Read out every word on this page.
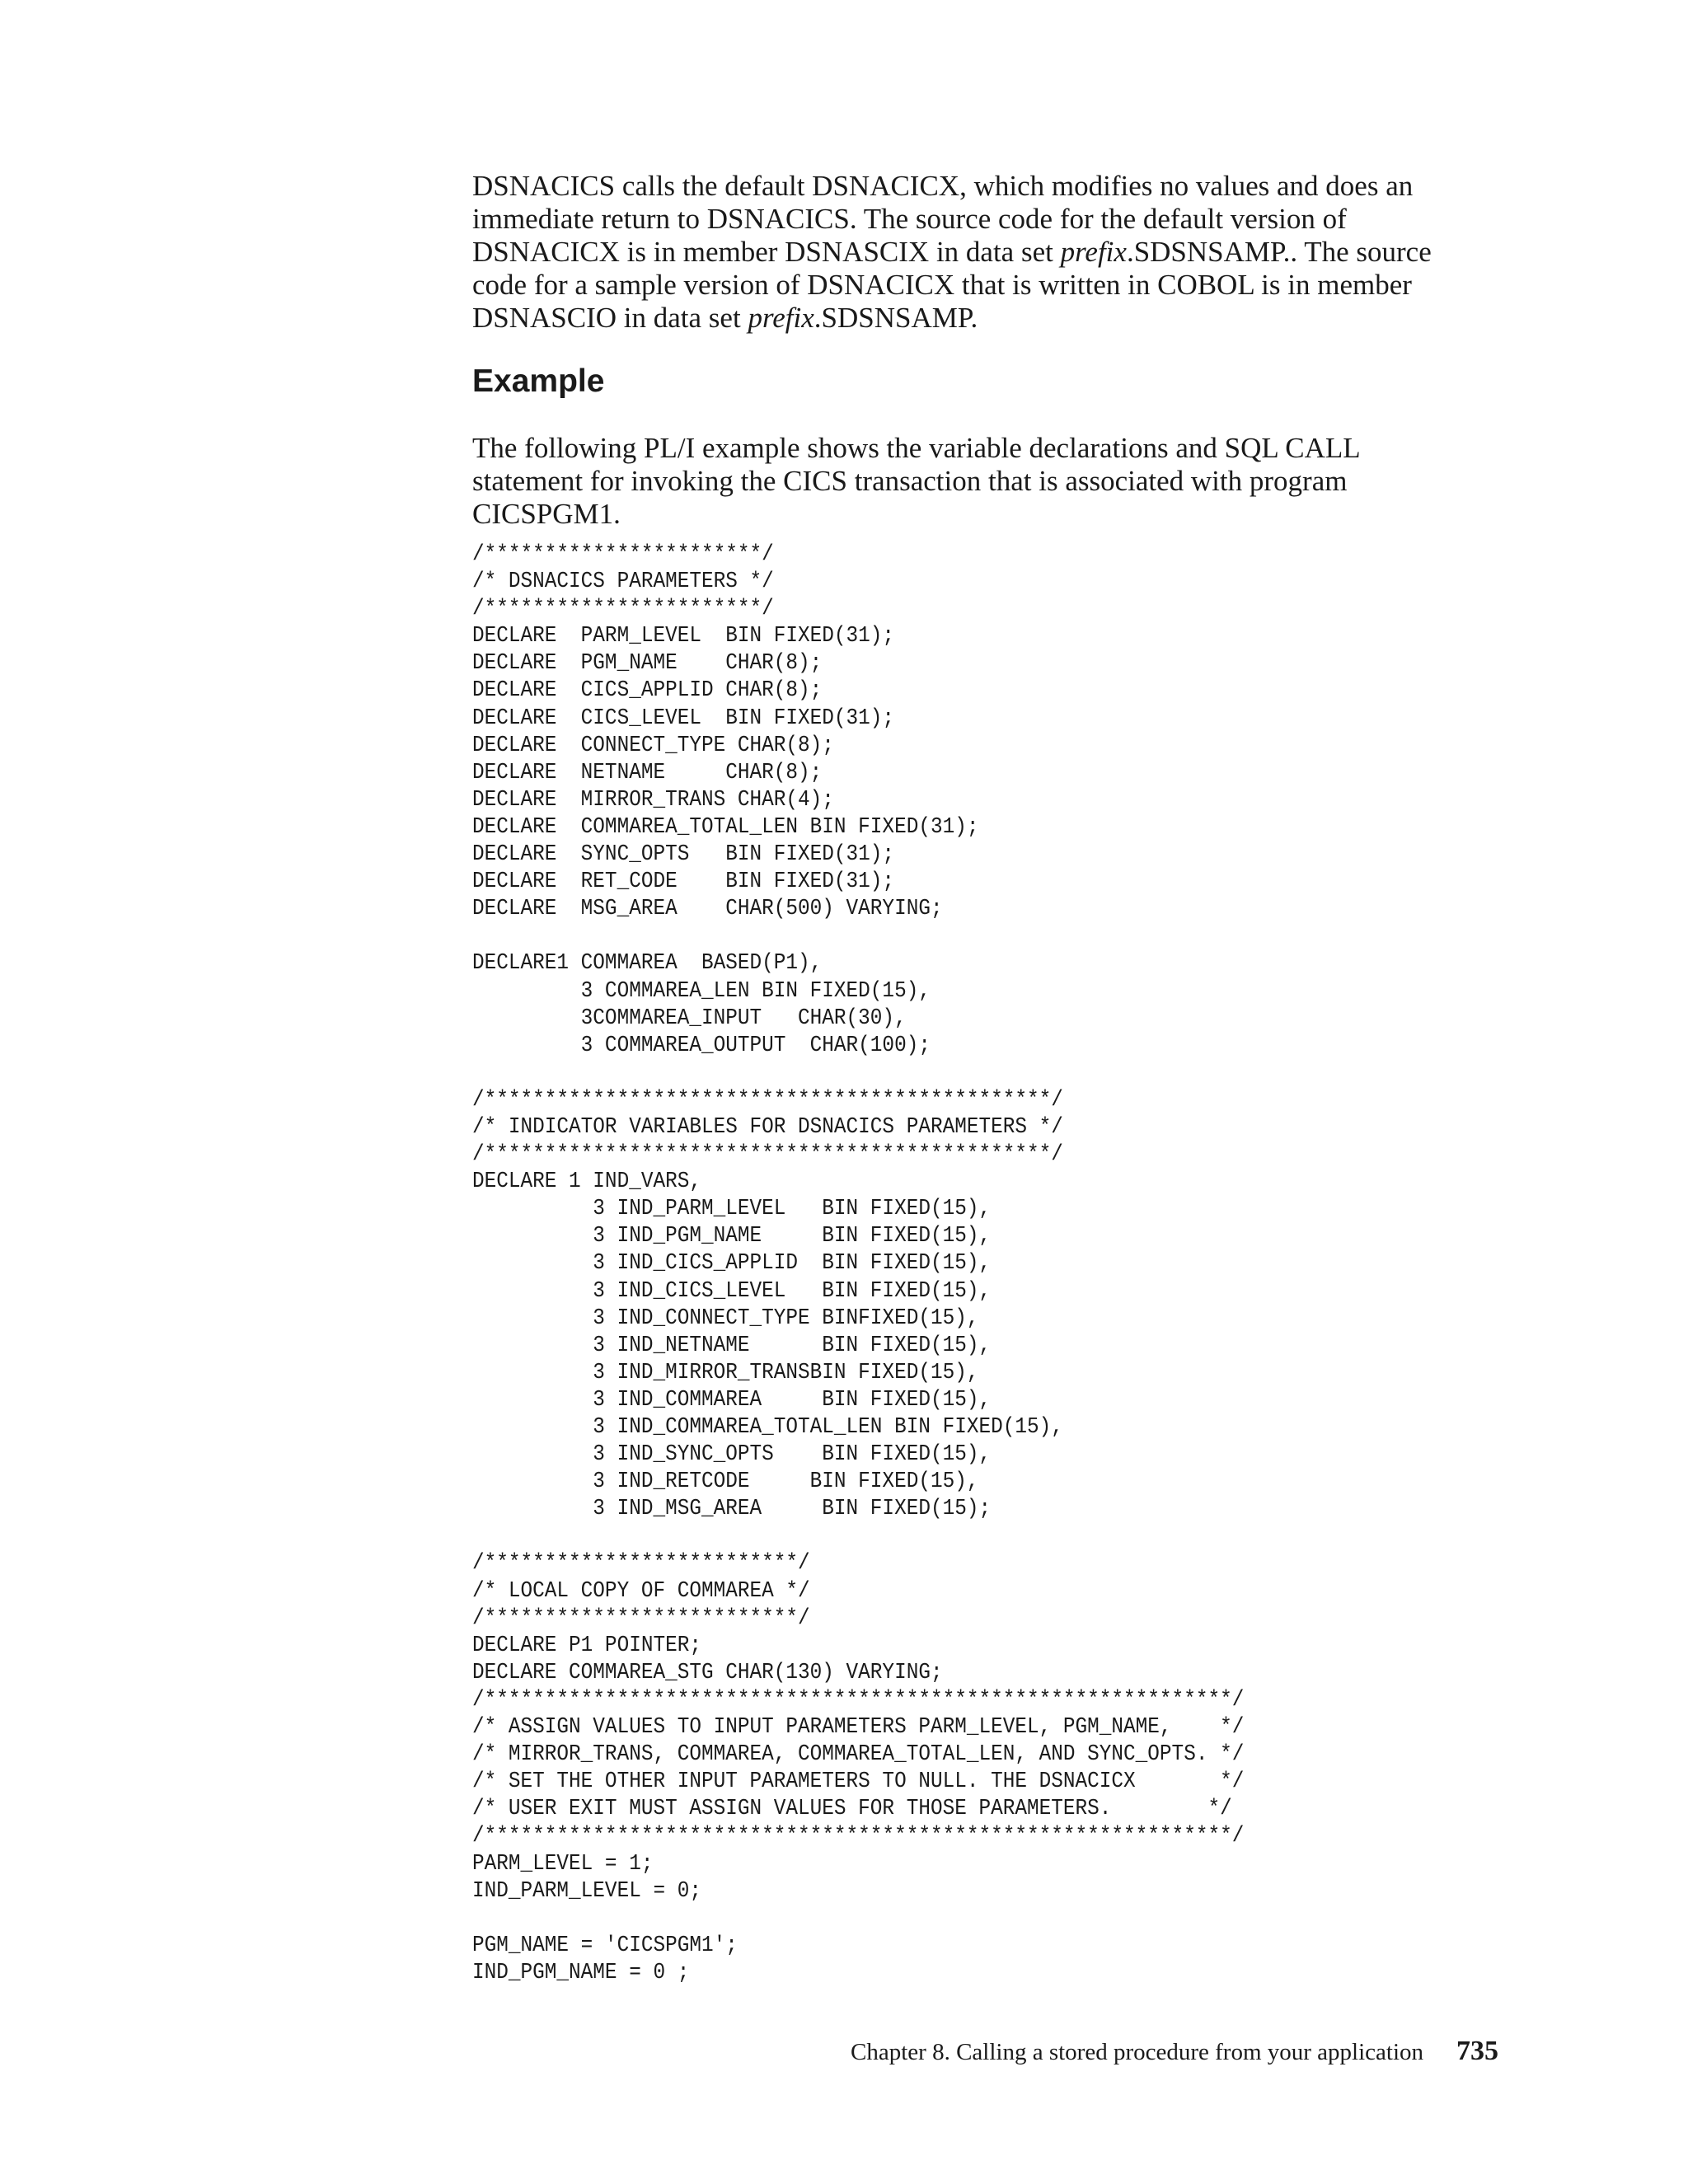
DSNACICS calls the default DSNACICX, which modifies no values and does an
immediate return to DSNACICS. The source code for the default version of
DSNACICX is in member DSNASCIX in data set prefix.SDSNSAMP.. The source
code for a sample version of DSNACICX that is written in COBOL is in member
DSNASCIO in data set prefix.SDSNSAMP.

Example

The following PL/I example shows the variable declarations and SQL CALL
statement for invoking the CICS transaction that is associated with program
CICSPGM1.

/***********************/
/* DSNACICS PARAMETERS */
/***********************/
DECLARE  PARM_LEVEL  BIN FIXED(31);
DECLARE  PGM_NAME    CHAR(8);
DECLARE  CICS_APPLID CHAR(8);
DECLARE  CICS_LEVEL  BIN FIXED(31);
DECLARE  CONNECT_TYPE CHAR(8);
DECLARE  NETNAME     CHAR(8);
DECLARE  MIRROR_TRANS CHAR(4);
DECLARE  COMMAREA_TOTAL_LEN BIN FIXED(31);
DECLARE  SYNC_OPTS   BIN FIXED(31);
DECLARE  RET_CODE    BIN FIXED(31);
DECLARE  MSG_AREA    CHAR(500) VARYING;

DECLARE1 COMMAREA  BASED(P1),
3 COMMAREA_LEN BIN FIXED(15),
3COMMAREA_INPUT   CHAR(30),
3 COMMAREA_OUTPUT  CHAR(100);

/***********************************************/
/* INDICATOR VARIABLES FOR DSNACICS PARAMETERS */
/***********************************************/
DECLARE 1 IND_VARS,
3 IND_PARM_LEVEL   BIN FIXED(15),
3 IND_PGM_NAME     BIN FIXED(15),
3 IND_CICS_APPLID  BIN FIXED(15),
3 IND_CICS_LEVEL   BIN FIXED(15),
3 IND_CONNECT_TYPE BINFIXED(15),
3 IND_NETNAME      BIN FIXED(15),
3 IND_MIRROR_TRANSBIN FIXED(15),
3 IND_COMMAREA     BIN FIXED(15),
3 IND_COMMAREA_TOTAL_LEN BIN FIXED(15),
3 IND_SYNC_OPTS    BIN FIXED(15),
3 IND_RETCODE     BIN FIXED(15),
3 IND_MSG_AREA     BIN FIXED(15);

/**************************/
/* LOCAL COPY OF COMMAREA */
/**************************/
DECLARE P1 POINTER;
DECLARE COMMAREA_STG CHAR(130) VARYING;
/**************************************************************/
/* ASSIGN VALUES TO INPUT PARAMETERS PARM_LEVEL, PGM_NAME,    */
/* MIRROR_TRANS, COMMAREA, COMMAREA_TOTAL_LEN, AND SYNC_OPTS. */
/* SET THE OTHER INPUT PARAMETERS TO NULL. THE DSNACICX       */
/* USER EXIT MUST ASSIGN VALUES FOR THOSE PARAMETERS.        */
/**************************************************************/
PARM_LEVEL = 1;
IND_PARM_LEVEL = 0;

PGM_NAME = 'CICSPGM1';
IND_PGM_NAME = 0 ;
Chapter 8. Calling a stored procedure from your application 735
